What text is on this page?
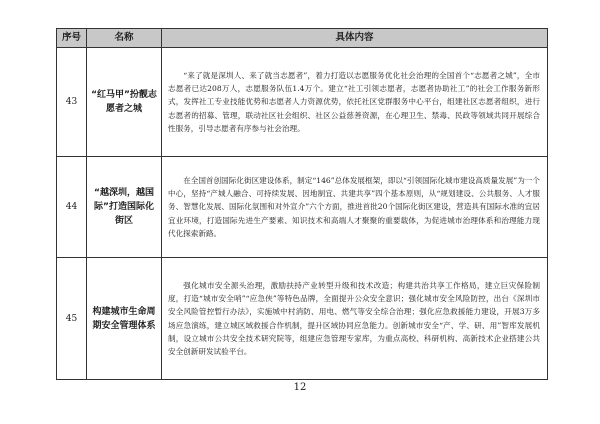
序号	名称	具体内容
43	“红马甲”扮靓志愿者之城	“来了就是深圳人、来了就当志愿者”，着力打造以志愿服务优化社会治理的全国首个“志愿者之城”，全市志愿者已达208万人，志愿服务队伍1.4万个。建立“社工引领志愿者，志愿者协助社工”的社会工作服务新形式，发挥社工专业技能优势和志愿者人力资源优势，依托社区党群服务中心平台，组建社区志愿者组织，进行志愿者的招募、管理，联动社区社会组织、社区公益慈善资源，在心理卫生、禁毒、民政等领域共同开展综合性服务，引导志愿者有序参与社会治理。
44	“越深圳，越国际”打造国际化街区	在全国首创国际化街区建设体系，制定“146”总体发展框架，即以“引领国际化城市建设高质量发展”为一个中心，坚持“产城人融合、可持续发展、因地制宜、共建共享”四个基本原则，从“规划建设、公共服务、人才服务、智慧化发展、国际化氛围和对外宣介”六个方面，推进首批20个国际化街区建设，营造具有国际水准的宜居宜业环境，打造国际先进生产要素、知识技术和高端人才聚聚的重要载体，为促进城市治理体系和治理能力现代化探索新路。
45	构建城市生命周期安全管理体系	强化城市安全源头治理，激励扶持产业转型升级和技术改造；构建共治共享工作格局，建立巨灾保险制度，打造“城市安全哨”“应急侠”等特色品牌，全面提升公众安全意识；强化城市安全风险防控，出台《深圳市安全风险管控暂行办法》，实施城中村消防、用电、燃气等安全综合治理；强化应急救援能力建设，开展3万多场应急演练，建立城区域救援合作机制，提升区域协同应急能力。创新城市安全“产、学、研、用”智库发展机制，设立城市公共安全技术研究院等，组建应急管理专家库，为重点高校、科研机构、高新技术企业搭建公共安全创新研发试验平台。
12
